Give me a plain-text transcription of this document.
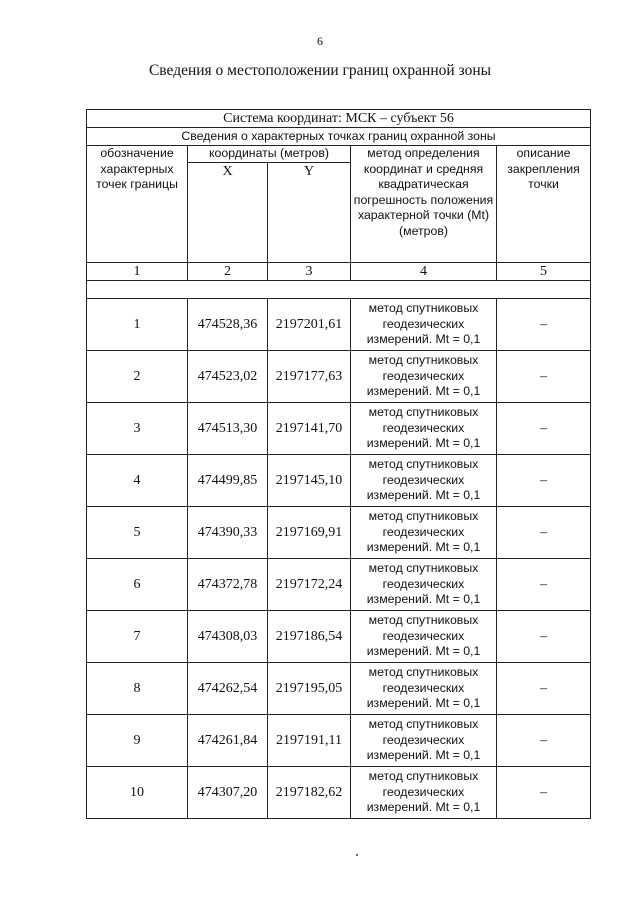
6
Сведения о местоположении границ охранной зоны
Система координат: МСК – субъект 56				
Сведения о характерных точках границ охранной зоны				
обозначение характерных точек границы	координаты (метров)		метод определения координат и средняя квадратическая погрешность положения характерной точки (Mt) (метров)	описание закрепления точки
	X	Y		
1	2	3	4	5

1	474528,36	2197201,61	метод спутниковых геодезических измерений. Mt = 0,1	–
2	474523,02	2197177,63	метод спутниковых геодезических измерений. Mt = 0,1	–
3	474513,30	2197141,70	метод спутниковых геодезических измерений. Mt = 0,1	–
4	474499,85	2197145,10	метод спутниковых геодезических измерений. Mt = 0,1	–
5	474390,33	2197169,91	метод спутниковых геодезических измерений. Mt = 0,1	–
6	474372,78	2197172,24	метод спутниковых геодезических измерений. Mt = 0,1	–
7	474308,03	2197186,54	метод спутниковых геодезических измерений. Mt = 0,1	–
8	474262,54	2197195,05	метод спутниковых геодезических измерений. Mt = 0,1	–
9	474261,84	2197191,11	метод спутниковых геодезических измерений. Mt = 0,1	–
10	474307,20	2197182,62	метод спутниковых геодезических измерений. Mt = 0,1	–
